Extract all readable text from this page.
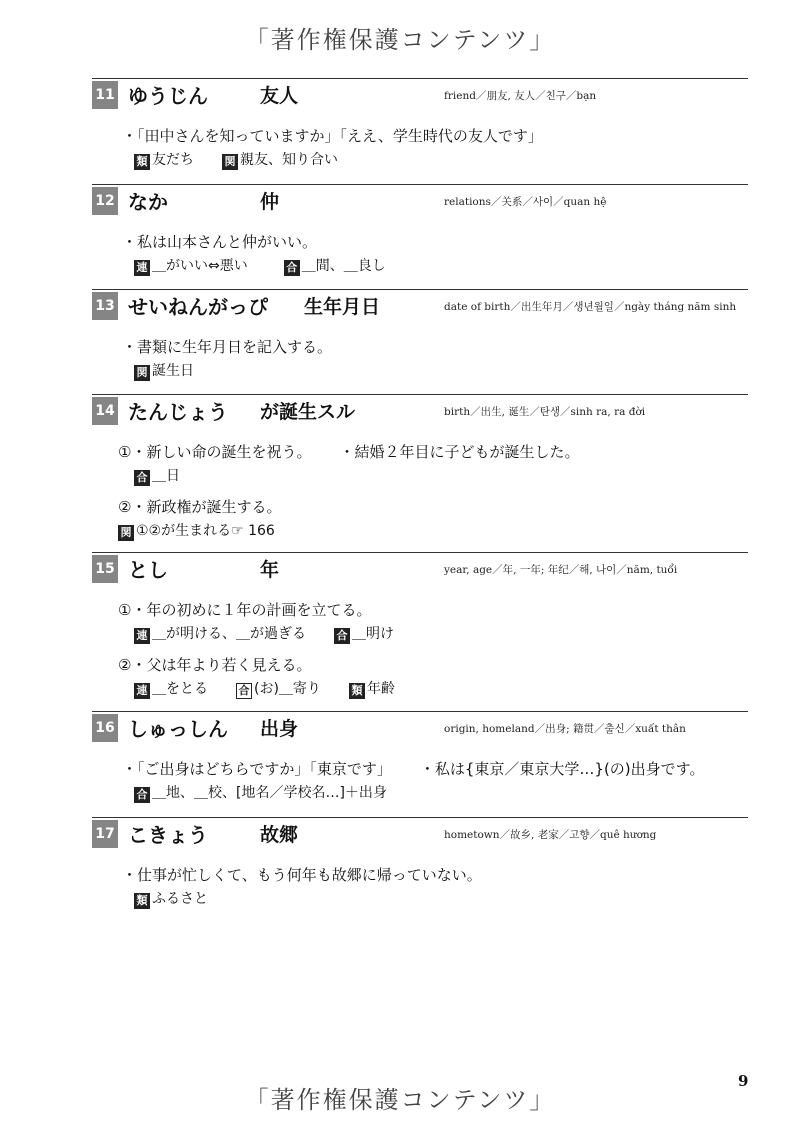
「著作権保護コンテンツ」
11 ゆうじん	友人	friend／朋友, 友人／친구／bạn
・「田中さんを知っていますか」「ええ、学生時代の友人です」
類 友だち	関 親友、知り合い
12 なか	仲	relations／关系／사이／quan hệ
・私は山本さんと仲がいい。
連 ＿がいい⇔悪い	合 ＿間、＿良し
13 せいねんがっぴ 生年月日	date of birth／出生年月／생년월일／ngày tháng năm sinh
・書類に生年月日を記入する。
関 誕生日
14 たんじょう が誕生スル	birth／出生, 诞生／탄생／sinh ra, ra đời
①・新しい命の誕生を祝う。 ・結婚２年目に子どもが誕生した。
合 ＿日
②・新政権が誕生する。
関 ①②が生まれる☞ 166
15 とし	年	year, age／年, 一年; 年纪／해, 나이／năm, tuổi
①・年の初めに１年の計画を立てる。
連 ＿が明ける、＿が過ぎる	合 ＿明け
②・父は年より若く見える。
連 ＿をとる	合 (お)＿寄り	類 年齢
16 しゅっしん 出身	origin, homeland／出身; 籍贯／출신／xuất thân
・「ご出身はどちらですか」「東京です」 ・私は{東京／東京大学…}(の)出身です。
合 ＿地、＿校、[地名／学校名…]＋出身
17 こきょう	故郷	hometown／故乡, 老家／고향／quê hương
・仕事が忙しくて、もう何年も故郷に帰っていない。
類 ふるさと
「著作権保護コンテンツ」
9
